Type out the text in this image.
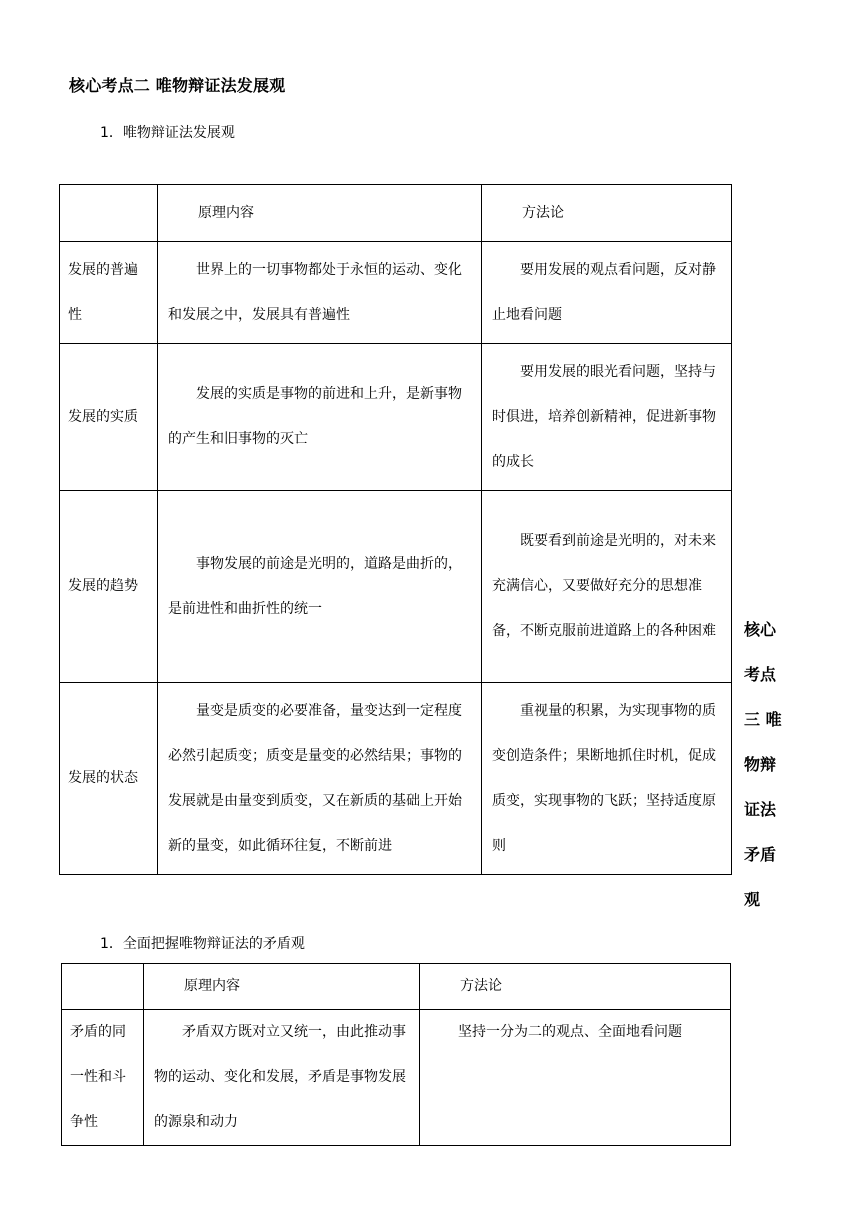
核心考点二 唯物辩证法发展观
1．唯物辩证法发展观
	原理内容	方法论
发展的普遍性	世界上的一切事物都处于永恒的运动、变化和发展之中，发展具有普遍性	要用发展的观点看问题，反对静止地看问题
发展的实质	发展的实质是事物的前进和上升，是新事物的产生和旧事物的灭亡	要用发展的眼光看问题，坚持与时俱进，培养创新精神，促进新事物的成长
发展的趋势	事物发展的前途是光明的，道路是曲折的，是前进性和曲折性的统一	既要看到前途是光明的，对未来充满信心，又要做好充分的思想准备，不断克服前进道路上的各种困难
发展的状态	量变是质变的必要准备，量变达到一定程度必然引起质变；质变是量变的必然结果；事物的发展就是由量变到质变，又在新质的基础上开始新的量变，如此循环往复，不断前进	重视量的积累，为实现事物的质变创造条件；果断地抓住时机，促成质变，实现事物的飞跃；坚持适度原则
核心
考点
三 唯
物辩
证法
矛盾
观
1．全面把握唯物辩证法的矛盾观
	原理内容	方法论
矛盾的同一性和斗争性	矛盾双方既对立又统一，由此推动事物的运动、变化和发展，矛盾是事物发展的源泉和动力	坚持一分为二的观点、全面地看问题
